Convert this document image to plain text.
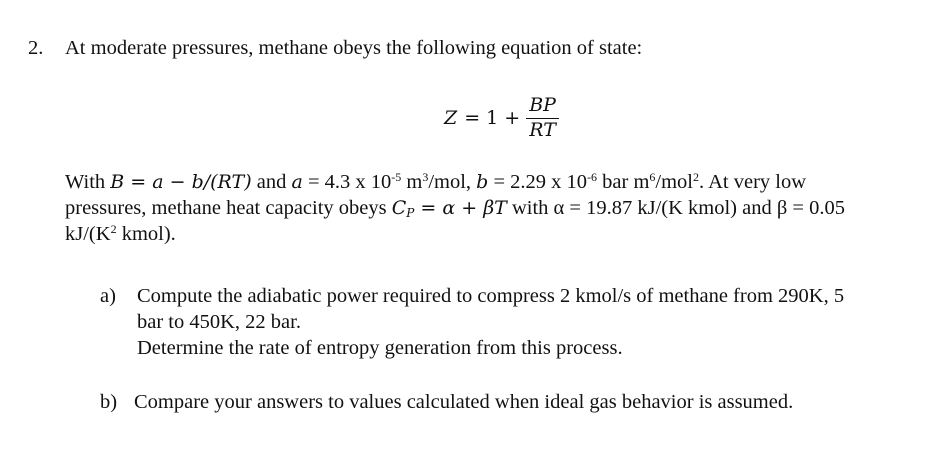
2. At moderate pressures, methane obeys the following equation of state:
$Z = 1 + \frac{BP}{RT}$
With B = a − b/(RT) and a = 4.3 x $10^{-5}$ $m^3$/mol, b = 2.29 x $10^{-6}$ bar $m^6/mol^2$. At very low
pressures, methane heat capacity obeys $C_P = \alpha + \beta T$ with α = 19.87 kJ/(K kmol) and β = 0.05
$kJ/(K^2$ kmol).
a) Compute the adiabatic power required to compress 2 kmol/s of methane from 290K, 5
bar to 450K, 22 bar.
Determine the rate of entropy generation from this process.
b) Compare your answers to values calculated when ideal gas behavior is assumed.
